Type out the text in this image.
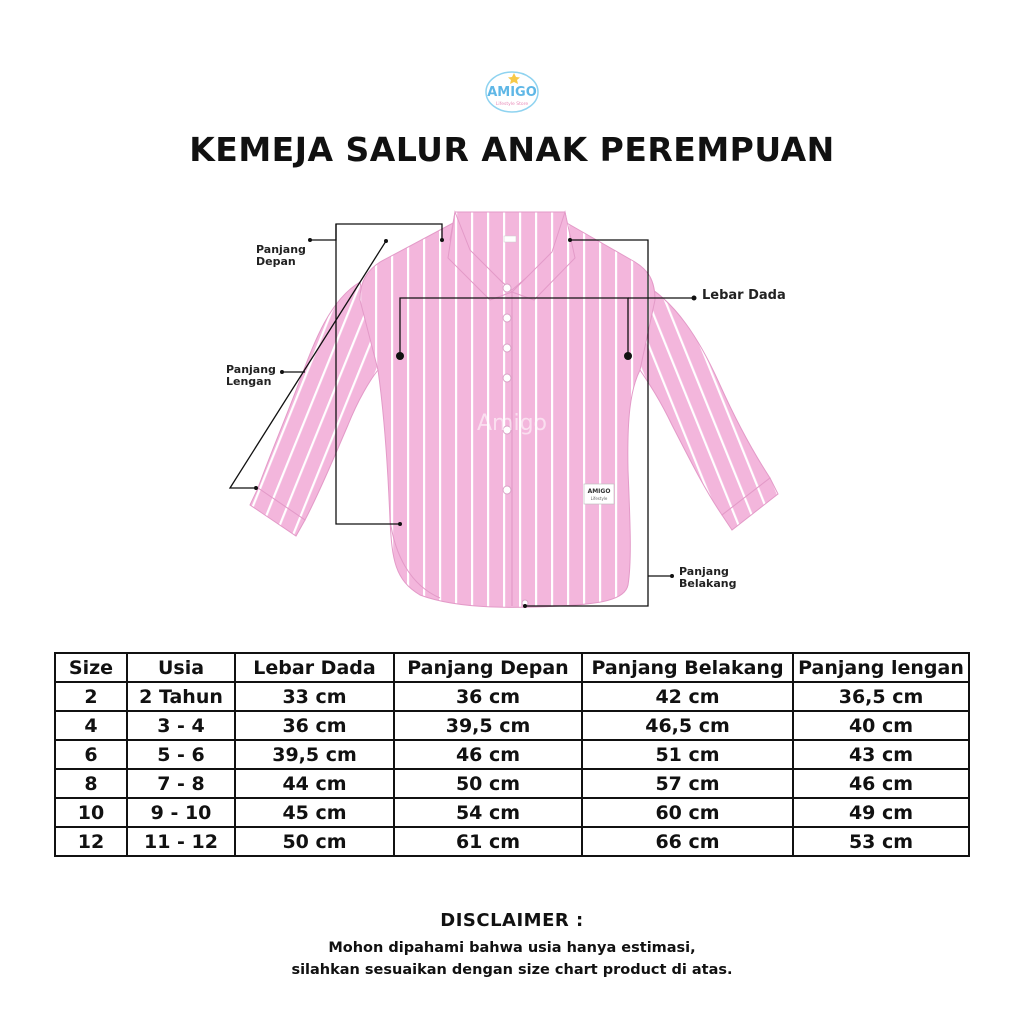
AMIGO
Lifestyle Store
KEMEJA SALUR ANAK PEREMPUAN
Amigo
AMIGO
Lifestyle
Panjang
Depan
Panjang
Lengan
Lebar Dada
Panjang
Belakang
Size	Usia	Lebar Dada	Panjang Depan	Panjang Belakang	Panjang lengan
2	2 Tahun	33 cm	36 cm	42 cm	36,5 cm
4	3 - 4	36 cm	39,5 cm	46,5 cm	40 cm
6	5 - 6	39,5 cm	46 cm	51 cm	43 cm
8	7 - 8	44 cm	50 cm	57 cm	46 cm
10	9 - 10	45 cm	54 cm	60 cm	49 cm
12	11 - 12	50 cm	61 cm	66 cm	53 cm
DISCLAIMER :
Mohon dipahami bahwa usia hanya estimasi,
silahkan sesuaikan dengan size chart product di atas.
